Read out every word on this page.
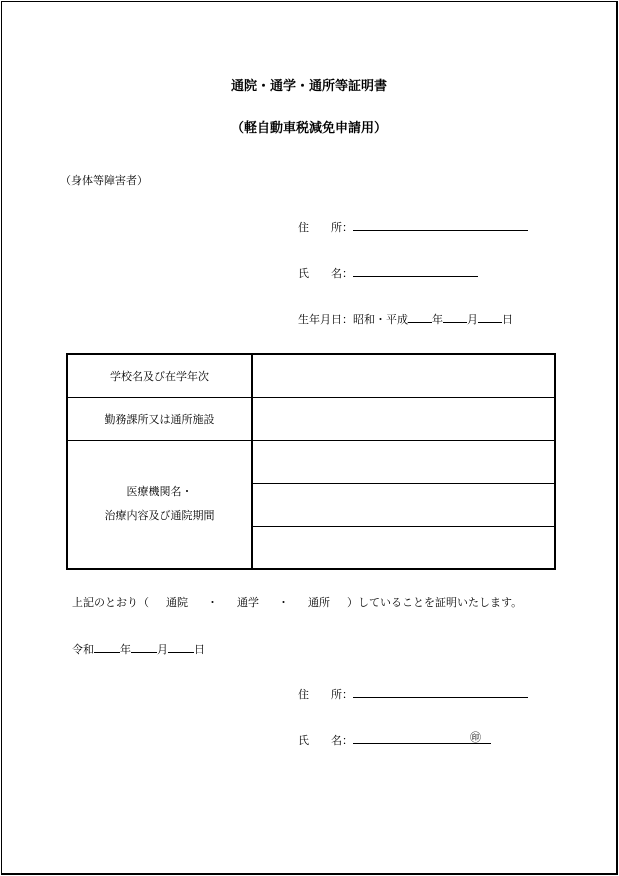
通院・通学・通所等証明書
（軽自動車税減免申請用）
（身体等障害者）
住　　所：
氏　　名：
生年月日：昭和・平成 年 月 日
学校名及び在学年次	
勤務課所又は通所施設	

医療機関名・
治療内容及び通院期間	

上記のとおり（ 通院 ・ 通学 ・ 通所 ）していることを証明いたします。
令和 年 月 日
住　　所：
氏　　名：	㊞
